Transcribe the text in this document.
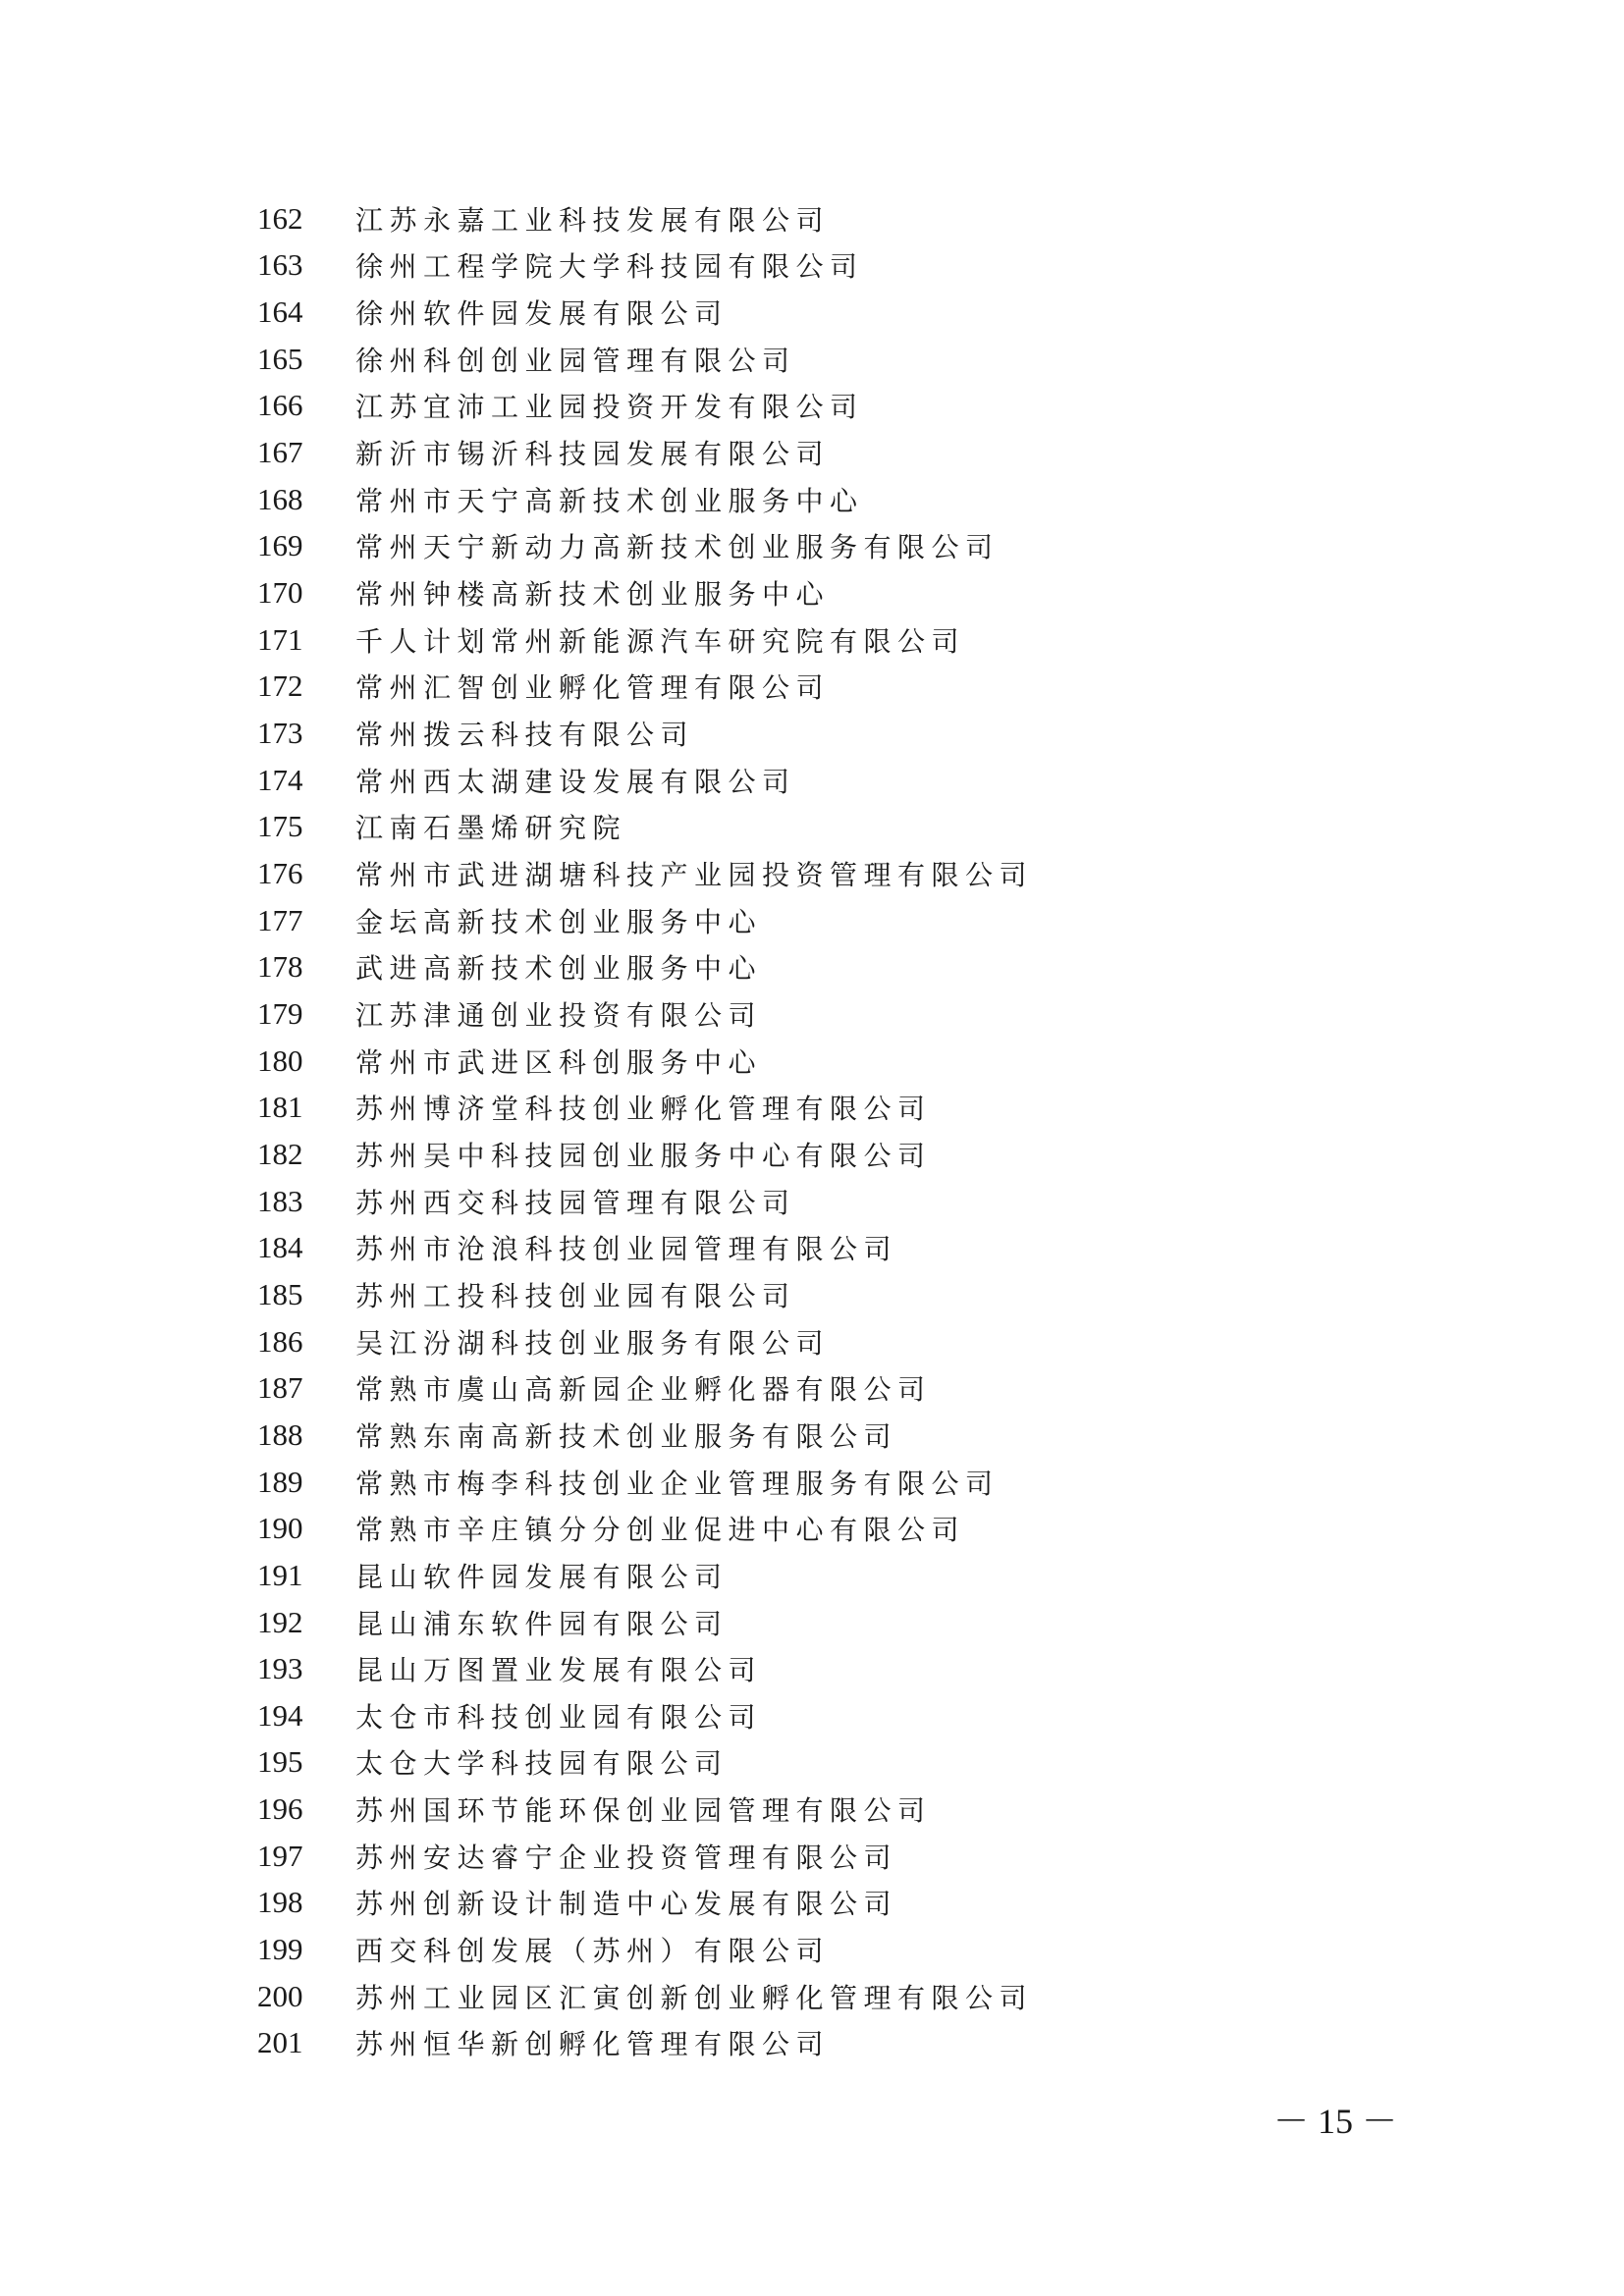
162	江苏永嘉工业科技发展有限公司
163	徐州工程学院大学科技园有限公司
164	徐州软件园发展有限公司
165	徐州科创创业园管理有限公司
166	江苏宜沛工业园投资开发有限公司
167	新沂市锡沂科技园发展有限公司
168	常州市天宁高新技术创业服务中心
169	常州天宁新动力高新技术创业服务有限公司
170	常州钟楼高新技术创业服务中心
171	千人计划常州新能源汽车研究院有限公司
172	常州汇智创业孵化管理有限公司
173	常州拨云科技有限公司
174	常州西太湖建设发展有限公司
175	江南石墨烯研究院
176	常州市武进湖塘科技产业园投资管理有限公司
177	金坛高新技术创业服务中心
178	武进高新技术创业服务中心
179	江苏津通创业投资有限公司
180	常州市武进区科创服务中心
181	苏州博济堂科技创业孵化管理有限公司
182	苏州吴中科技园创业服务中心有限公司
183	苏州西交科技园管理有限公司
184	苏州市沧浪科技创业园管理有限公司
185	苏州工投科技创业园有限公司
186	吴江汾湖科技创业服务有限公司
187	常熟市虞山高新园企业孵化器有限公司
188	常熟东南高新技术创业服务有限公司
189	常熟市梅李科技创业企业管理服务有限公司
190	常熟市辛庄镇分分创业促进中心有限公司
191	昆山软件园发展有限公司
192	昆山浦东软件园有限公司
193	昆山万图置业发展有限公司
194	太仓市科技创业园有限公司
195	太仓大学科技园有限公司
196	苏州国环节能环保创业园管理有限公司
197	苏州安达睿宁企业投资管理有限公司
198	苏州创新设计制造中心发展有限公司
199	西交科创发展（苏州）有限公司
200	苏州工业园区汇寅创新创业孵化管理有限公司
201	苏州恒华新创孵化管理有限公司
－ 15 －
